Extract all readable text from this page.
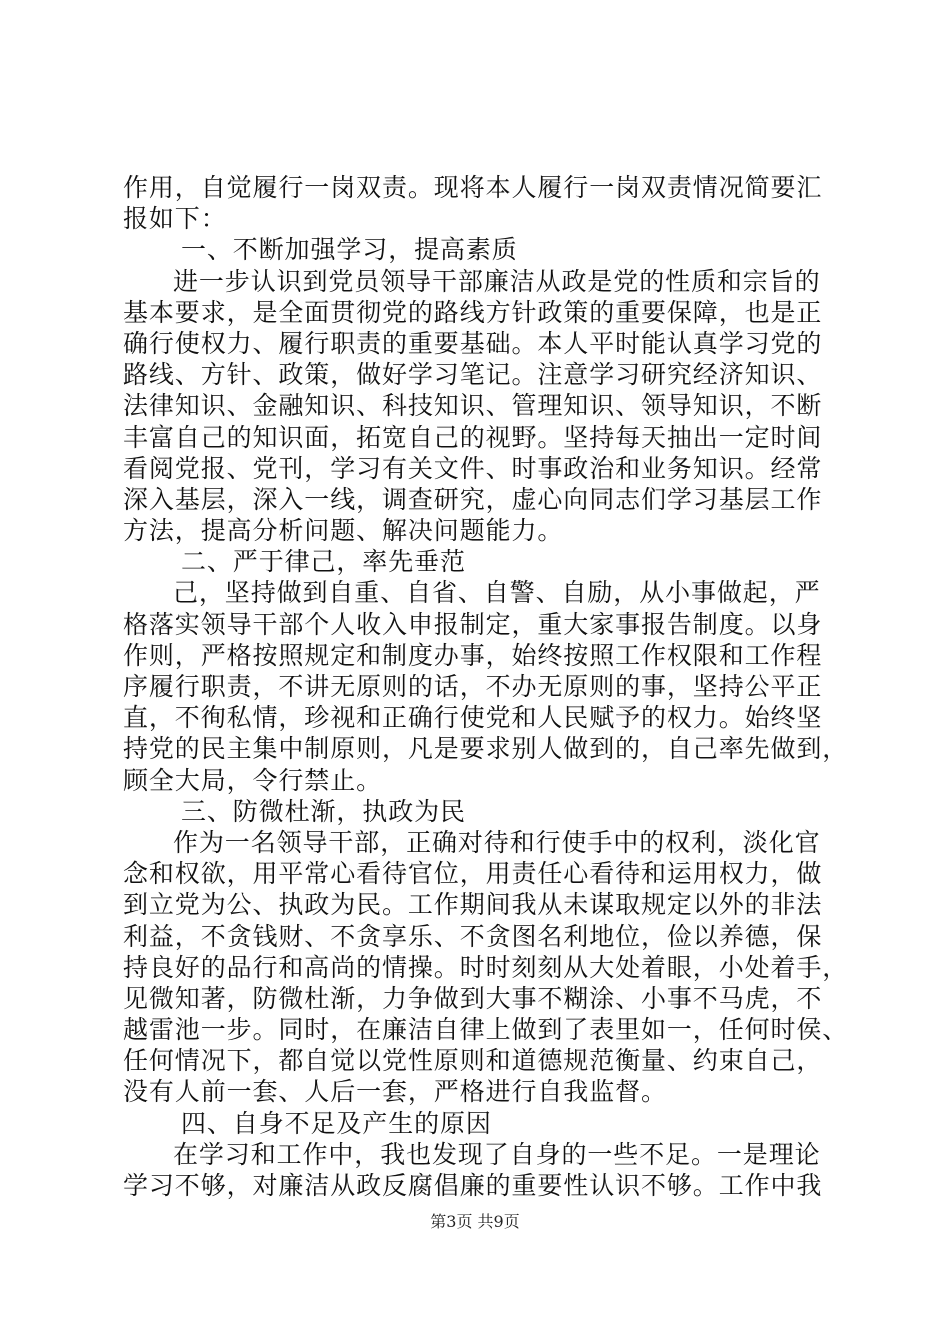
作用，自觉履行一岗双责。现将本人履行一岗双责情况简要汇
报如下：
一、不断加强学习，提高素质
进一步认识到党员领导干部廉洁从政是党的性质和宗旨的
基本要求，是全面贯彻党的路线方针政策的重要保障，也是正
确行使权力、履行职责的重要基础。本人平时能认真学习党的
路线、方针、政策，做好学习笔记。注意学习研究经济知识、
法律知识、金融知识、科技知识、管理知识、领导知识，不断
丰富自己的知识面，拓宽自己的视野。坚持每天抽出一定时间
看阅党报、党刊，学习有关文件、时事政治和业务知识。经常
深入基层，深入一线，调查研究，虚心向同志们学习基层工作
方法，提高分析问题、解决问题能力。
二、严于律己，率先垂范
己，坚持做到自重、自省、自警、自励，从小事做起，严
格落实领导干部个人收入申报制定，重大家事报告制度。以身
作则，严格按照规定和制度办事，始终按照工作权限和工作程
序履行职责，不讲无原则的话，不办无原则的事，坚持公平正
直，不徇私情，珍视和正确行使党和人民赋予的权力。始终坚
持党的民主集中制原则，凡是要求别人做到的，自己率先做到，
顾全大局，令行禁止。
三、防微杜渐，执政为民
作为一名领导干部，正确对待和行使手中的权利，淡化官
念和权欲，用平常心看待官位，用责任心看待和运用权力，做
到立党为公、执政为民。工作期间我从未谋取规定以外的非法
利益，不贪钱财、不贪享乐、不贪图名利地位，俭以养德，保
持良好的品行和高尚的情操。时时刻刻从大处着眼，小处着手，
见微知著，防微杜渐，力争做到大事不糊涂、小事不马虎，不
越雷池一步。同时，在廉洁自律上做到了表里如一，任何时侯、
任何情况下，都自觉以党性原则和道德规范衡量、约束自己，
没有人前一套、人后一套，严格进行自我监督。
四、自身不足及产生的原因
在学习和工作中，我也发现了自身的一些不足。一是理论
学习不够，对廉洁从政反腐倡廉的重要性认识不够。工作中我
第3页 共9页
